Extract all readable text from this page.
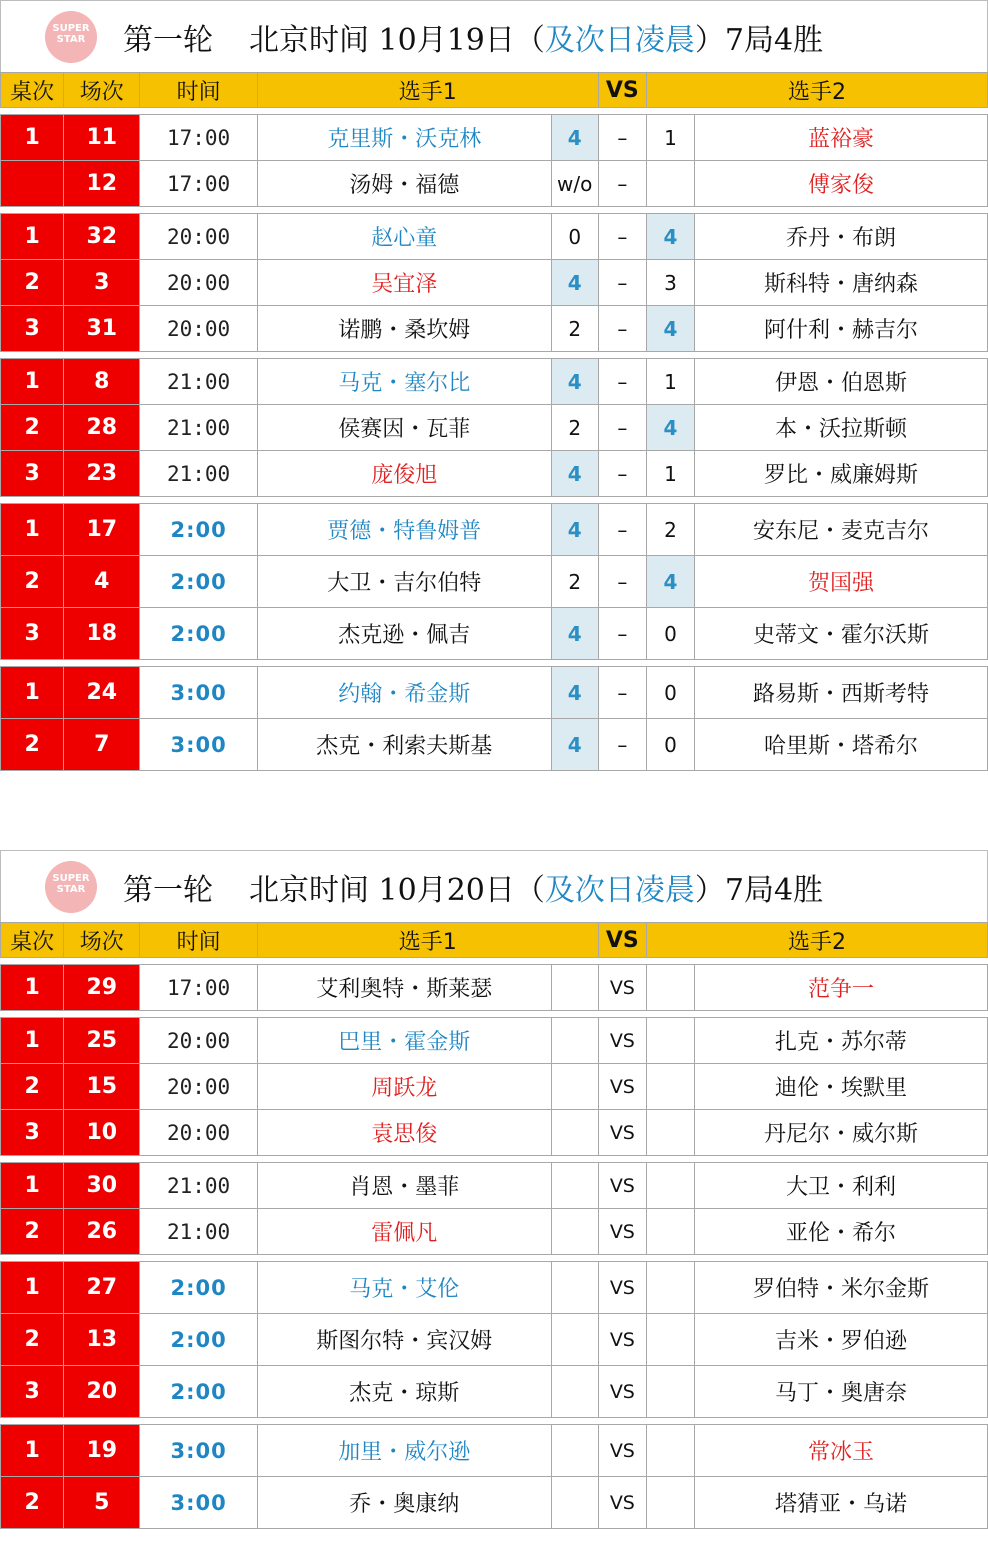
SUPER
STAR	第一轮 北京时间 10月19日（及次日凌晨）7局4胜
桌次	场次	时间	选手1		VS	选手2	

1	11	17:00	克里斯・沃克林	4	–	1	蓝裕豪
	12	17:00	汤姆・福德	w/o	–		傅家俊

1	32	20:00	赵心童	0	–	4	乔丹・布朗
2	3	20:00	吴宜泽	4	–	3	斯科特・唐纳森
3	31	20:00	诺鹏・桑坎姆	2	–	4	阿什利・赫吉尔

1	8	21:00	马克・塞尔比	4	–	1	伊恩・伯恩斯
2	28	21:00	侯赛因・瓦菲	2	–	4	本・沃拉斯顿
3	23	21:00	庞俊旭	4	–	1	罗比・威廉姆斯

1	17	2:00	贾德・特鲁姆普	4	–	2	安东尼・麦克吉尔
2	4	2:00	大卫・吉尔伯特	2	–	4	贺国强
3	18	2:00	杰克逊・佩吉	4	–	0	史蒂文・霍尔沃斯

1	24	3:00	约翰・希金斯	4	–	0	路易斯・西斯考特
2	7	3:00	杰克・利索夫斯基	4	–	0	哈里斯・塔希尔
SUPER
STAR	第一轮 北京时间 10月20日（及次日凌晨）7局4胜
桌次	场次	时间	选手1		VS	选手2	

1	29	17:00	艾利奥特・斯莱瑟		VS		范争一

1	25	20:00	巴里・霍金斯		VS		扎克・苏尔蒂
2	15	20:00	周跃龙		VS		迪伦・埃默里
3	10	20:00	袁思俊		VS		丹尼尔・威尔斯

1	30	21:00	肖恩・墨菲		VS		大卫・利利
2	26	21:00	雷佩凡		VS		亚伦・希尔

1	27	2:00	马克・艾伦		VS		罗伯特・米尔金斯
2	13	2:00	斯图尔特・宾汉姆		VS		吉米・罗伯逊
3	20	2:00	杰克・琼斯		VS		马丁・奥唐奈

1	19	3:00	加里・威尔逊		VS		常冰玉
2	5	3:00	乔・奥康纳		VS		塔猜亚・乌诺
